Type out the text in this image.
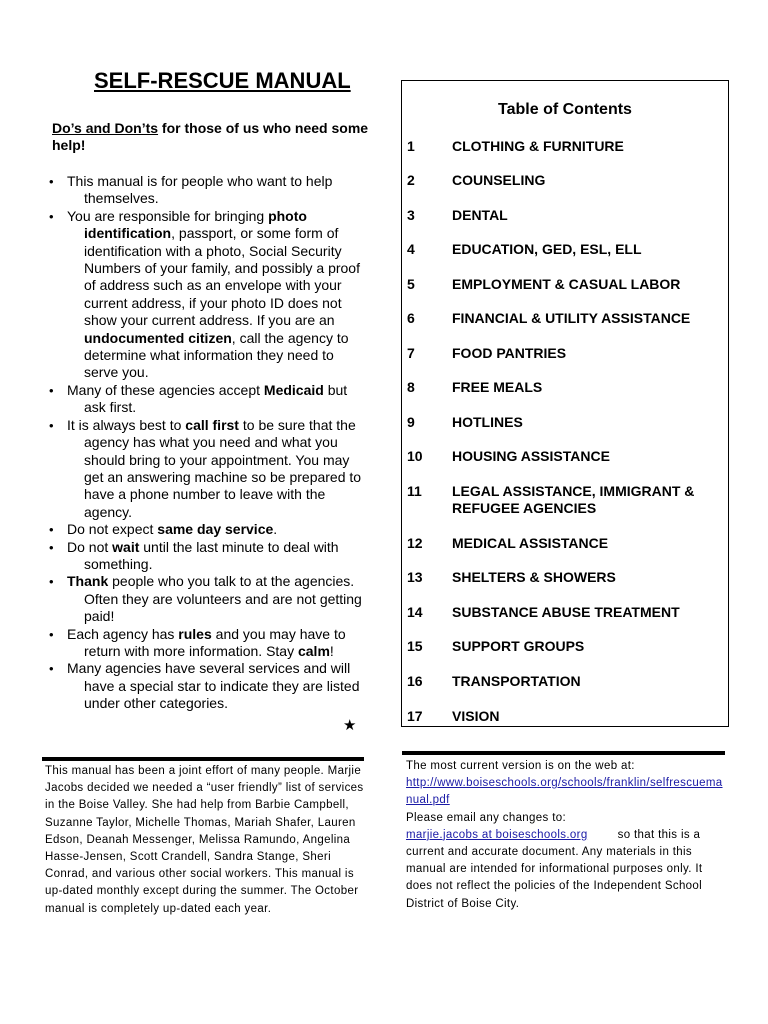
SELF-RESCUE MANUAL
Do’s and Don’ts for those of us who need some help!
• This manual is for people who want to help themselves.
• You are responsible for bringing photo identification, passport, or some form of identification with a photo, Social Security Numbers of your family, and possibly a proof of address such as an envelope with your current address, if your photo ID does not show your current address. If you are an undocumented citizen, call the agency to determine what information they need to serve you.
• Many of these agencies accept Medicaid but ask first.
• It is always best to call first to be sure that the agency has what you need and what you should bring to your appointment. You may get an answering machine so be prepared to have a phone number to leave with the agency.
• Do not expect same day service.
• Do not wait until the last minute to deal with something.
• Thank people who you talk to at the agencies. Often they are volunteers and are not getting paid!
• Each agency has rules and you may have to return with more information. Stay calm!
• Many agencies have several services and will have a special star to indicate they are listed under other categories.
★
Table of Contents
1	CLOTHING & FURNITURE
2	COUNSELING
3	DENTAL
4	EDUCATION, GED, ESL, ELL
5	EMPLOYMENT & CASUAL LABOR
6	FINANCIAL & UTILITY ASSISTANCE
7	FOOD PANTRIES
8	FREE MEALS
9	HOTLINES
10	HOUSING ASSISTANCE
11	LEGAL ASSISTANCE, IMMIGRANT & REFUGEE AGENCIES
12	MEDICAL ASSISTANCE
13	SHELTERS & SHOWERS
14	SUBSTANCE ABUSE TREATMENT
15	SUPPORT GROUPS
16	TRANSPORTATION
17	VISION
This manual has been a joint effort of many people. Marjie Jacobs decided we needed a “user friendly” list of services in the Boise Valley. She had help from Barbie Campbell, Suzanne Taylor, Michelle Thomas, Mariah Shafer, Lauren Edson, Deanah Messenger, Melissa Ramundo, Angelina Hasse-Jensen, Scott Crandell, Sandra Stange, Sheri Conrad, and various other social workers. This manual is up-dated monthly except during the summer. The October manual is completely up-dated each year.
The most current version is on the web at:
http://www.boiseschools.org/schools/franklin/selfrescuemanual.pdf
Please email any changes to:
marjie.jacobs at boiseschools.org	so that this is a current and accurate document. Any materials in this manual are intended for informational purposes only. It does not reflect the policies of the Independent School District of Boise City.
